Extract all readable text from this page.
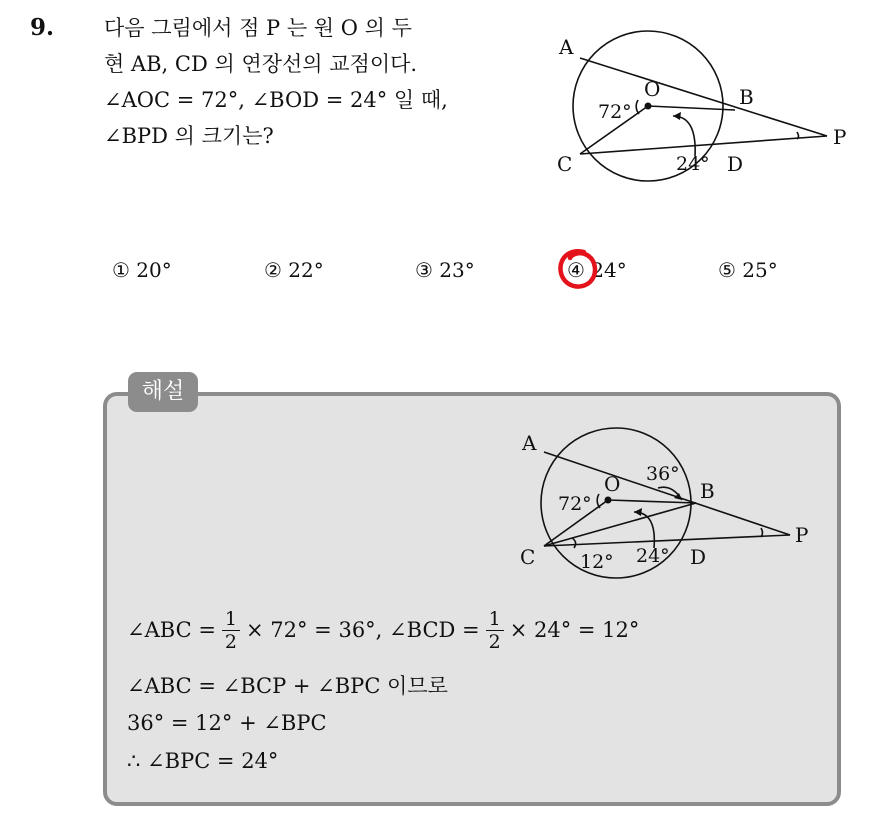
9. 다음 그림에서 점 P 는 원 O 의 두
현 AB, CD 의 연장선의 교점이다.
∠AOC = 72°, ∠BOD = 24° 일 때,
∠BPD 의 크기는?
A
O	B
P
C	D
72°
24°
① 20°	② 22°	③ 23°	④ 24°	⑤ 25°
해설
A
O	B
P
C	D
72°
36°
12° 24°
∠ABC = $\frac{1}{2} \times 72^\circ = 36^\circ$, ∠BCD = $\frac{1}{2} \times 24^\circ = 12^\circ$
∠ABC = ∠BCP + ∠BPC 이므로
36° = 12° + ∠BPC
∴ ∠BPC = 24°
